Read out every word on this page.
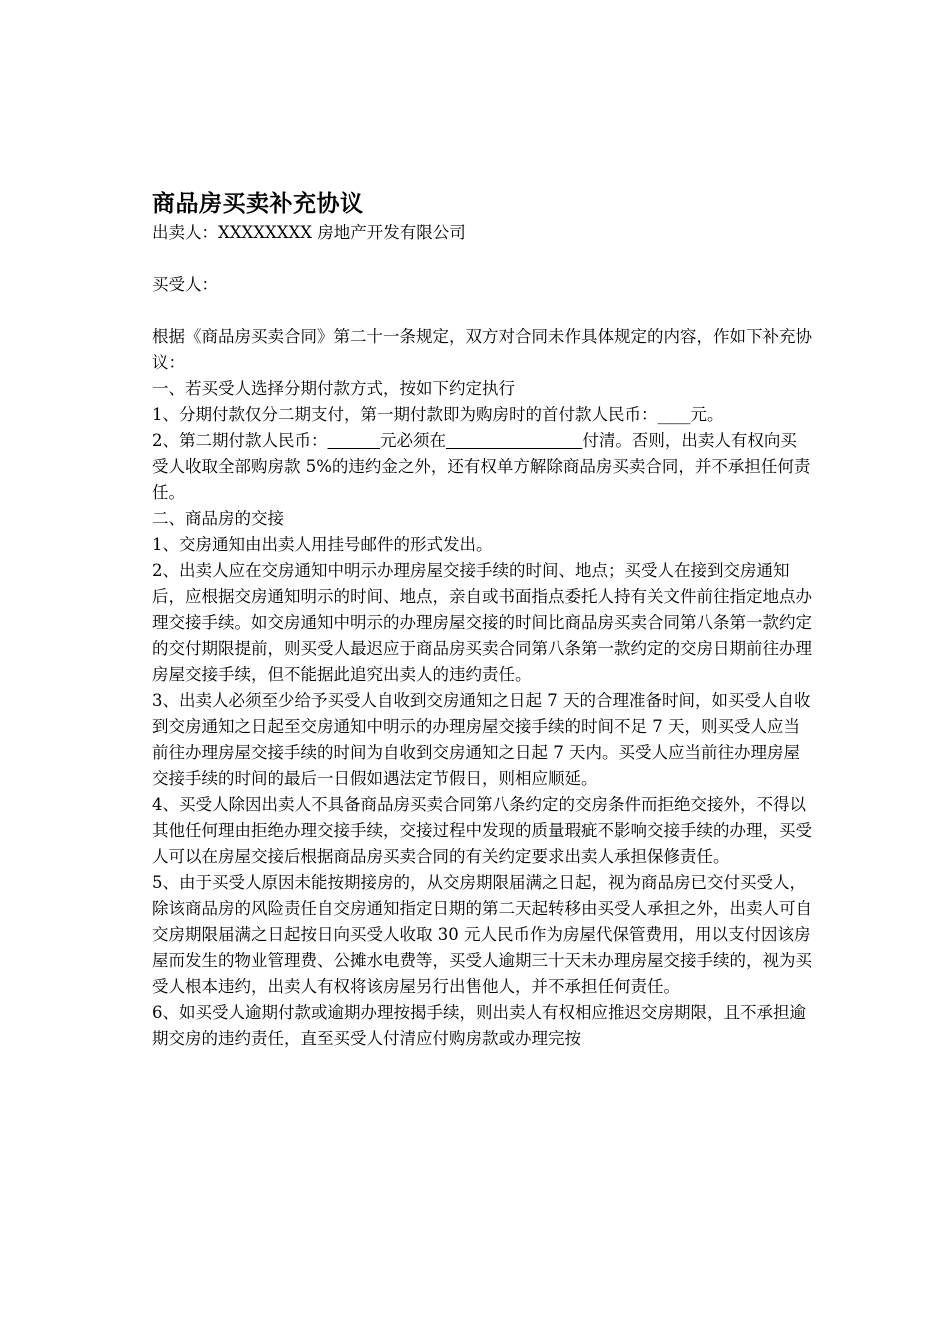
商品房买卖补充协议

出卖人：XXXXXXXX 房地产开发有限公司

买受人：

根据《商品房买卖合同》第二十一条规定，双方对合同未作具体规定的内容，作如下补充协议：

一、若买受人选择分期付款方式，按如下约定执行

1、分期付款仅分二期支付，第一期付款即为购房时的首付款人民币：____元。

2、第二期付款人民币：	元必须在	付清。否则，出卖人有权向买受人收取全部购房款 5%的违约金之外，还有权单方解除商品房买卖合同，并不承担任何责任。

二、商品房的交接

1、交房通知由出卖人用挂号邮件的形式发出。

2、出卖人应在交房通知中明示办理房屋交接手续的时间、地点；买受人在接到交房通知后，应根据交房通知明示的时间、地点，亲自或书面指点委托人持有关文件前往指定地点办理交接手续。如交房通知中明示的办理房屋交接的时间比商品房买卖合同第八条第一款约定的交付期限提前，则买受人最迟应于商品房买卖合同第八条第一款约定的交房日期前往办理房屋交接手续，但不能据此追究出卖人的违约责任。

3、出卖人必须至少给予买受人自收到交房通知之日起 7 天的合理准备时间，如买受人自收到交房通知之日起至交房通知中明示的办理房屋交接手续的时间不足 7 天，则买受人应当前往办理房屋交接手续的时间为自收到交房通知之日起 7 天内。买受人应当前往办理房屋交接手续的时间的最后一日假如遇法定节假日，则相应顺延。

4、买受人除因出卖人不具备商品房买卖合同第八条约定的交房条件而拒绝交接外，不得以其他任何理由拒绝办理交接手续，交接过程中发现的质量瑕疵不影响交接手续的办理，买受人可以在房屋交接后根据商品房买卖合同的有关约定要求出卖人承担保修责任。

5、由于买受人原因未能按期接房的，从交房期限届满之日起，视为商品房已交付买受人，除该商品房的风险责任自交房通知指定日期的第二天起转移由买受人承担之外，出卖人可自交房期限届满之日起按日向买受人收取 30 元人民币作为房屋代保管费用，用以支付因该房屋而发生的物业管理费、公摊水电费等，买受人逾期三十天未办理房屋交接手续的，视为买受人根本违约，出卖人有权将该房屋另行出售他人，并不承担任何责任。

6、如买受人逾期付款或逾期办理按揭手续，则出卖人有权相应推迟交房期限，且不承担逾期交房的违约责任，直至买受人付清应付购房款或办理完按
